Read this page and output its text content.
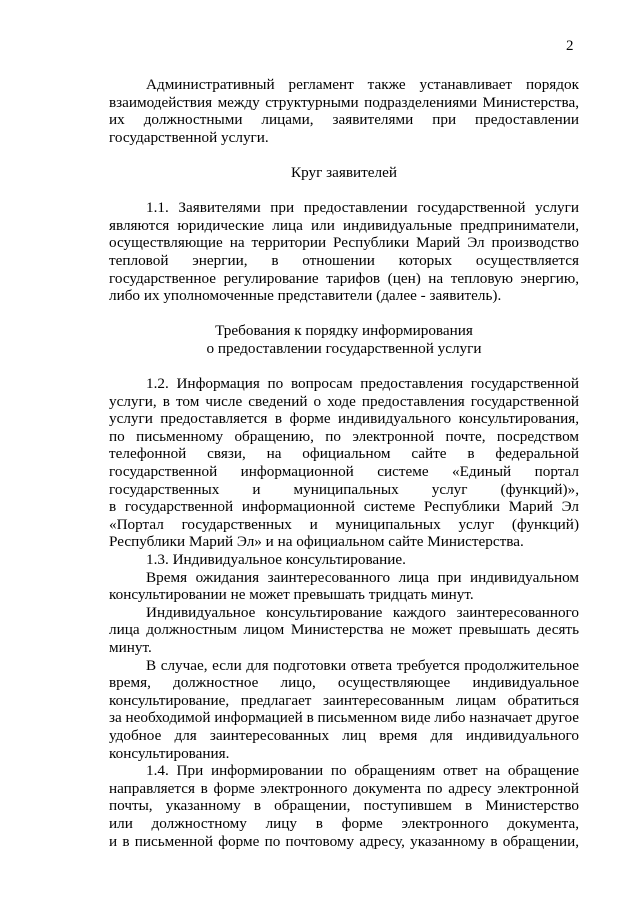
2

Административный регламент также устанавливает порядок
взаимодействия между структурными подразделениями Министерства,
их должностными лицами, заявителями при предоставлении
государственной услуги.

Круг заявителей

1.1. Заявителями при предоставлении государственной услуги
являются юридические лица или индивидуальные предприниматели,
осуществляющие на территории Республики Марий Эл производство
тепловой энергии, в отношении которых осуществляется
государственное регулирование тарифов (цен) на тепловую энергию,
либо их уполномоченные представители (далее - заявитель).

Требования к порядку информирования
о предоставлении государственной услуги

1.2. Информация по вопросам предоставления государственной
услуги, в том числе сведений о ходе предоставления государственной
услуги предоставляется в форме индивидуального консультирования,
по письменному обращению, по электронной почте, посредством
телефонной связи, на официальном сайте в федеральной
государственной информационной системе «Единый портал
государственных и муниципальных услуг (функций)»,
в государственной информационной системе Республики Марий Эл
«Портал государственных и муниципальных услуг (функций)
Республики Марий Эл» и на официальном сайте Министерства.

1.3. Индивидуальное консультирование.

Время ожидания заинтересованного лица при индивидуальном
консультировании не может превышать тридцать минут.

Индивидуальное консультирование каждого заинтересованного
лица должностным лицом Министерства не может превышать десять
минут.

В случае, если для подготовки ответа требуется продолжительное
время, должностное лицо, осуществляющее индивидуальное
консультирование, предлагает заинтересованным лицам обратиться
за необходимой информацией в письменном виде либо назначает другое
удобное для заинтересованных лиц время для индивидуального
консультирования.

1.4. При информировании по обращениям ответ на обращение
направляется в форме электронного документа по адресу электронной
почты, указанному в обращении, поступившем в Министерство
или должностному лицу в форме электронного документа,
и в письменной форме по почтовому адресу, указанному в обращении,
